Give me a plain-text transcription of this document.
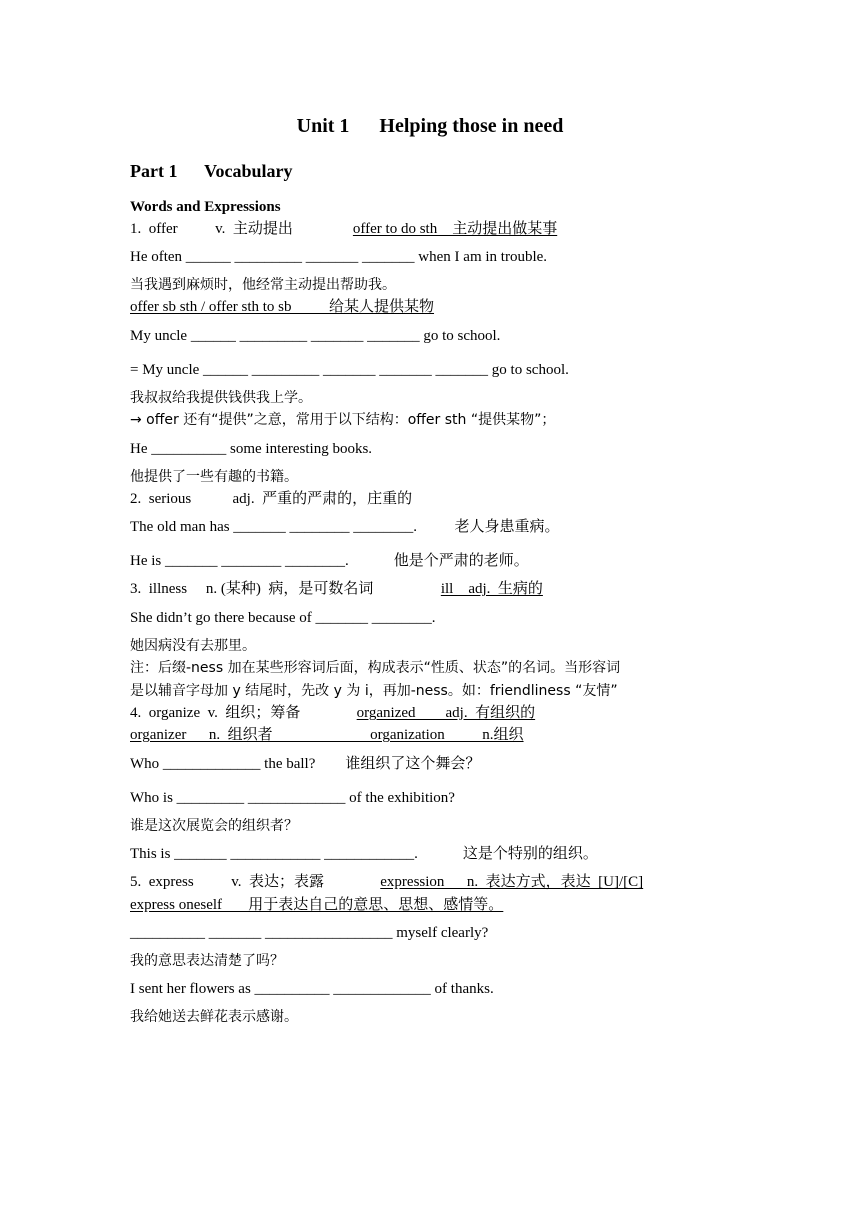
Unit 1      Helping those in need
Part 1      Vocabulary
Words and Expressions
1.  offer          v.  主动提出                offer to do sth    主动提出做某事
He often ______ _________ _______ _______ when I am in trouble.
当我遇到麻烦时，他经常主动提出帮助我。
offer sb sth / offer sth to sb          给某人提供某物
My uncle ______ _________ _______ _______ go to school.
= My uncle ______ _________ _______ _______ _______ go to school.
我叔叔给我提供钱供我上学。
→ offer 还有“提供”之意，常用于以下结构：offer sth “提供某物”；
He __________ some interesting books.
他提供了一些有趣的书籍。
2.  serious           adj.  严重的严肃的，庄重的
The old man has _______ ________ ________.          老人身患重病。
He is _______ ________ ________.            他是个严肃的老师。
3.  illness     n. (某种)  病，是可数名词                  ill    adj.  生病的
She didn’t go there because of _______ ________.
她因病没有去那里。
注：后缀-ness 加在某些形容词后面，构成表示“性质、状态”的名词。当形容词
是以辅音字母加 y 结尾时，先改 y 为 i，再加-ness。如：friendliness “友情”
4.  organize  v.  组织；筹备               organized        adj.  有组织的
organizer      n.  组织者                          organization          n.组织
Who _____________ the ball?        谁组织了这个舞会？
Who is _________ _____________ of the exhibition?
谁是这次展览会的组织者？
This is _______ ____________ ____________.            这是个特别的组织。
5.  express          v.  表达；表露               expression      n.  表达方式，表达  [U]/[C]
express oneself       用于表达自己的意思、思想、感情等。
__________ _______ _________________ myself clearly?
我的意思表达清楚了吗？
I sent her flowers as __________ _____________ of thanks.
我给她送去鲜花表示感谢。
